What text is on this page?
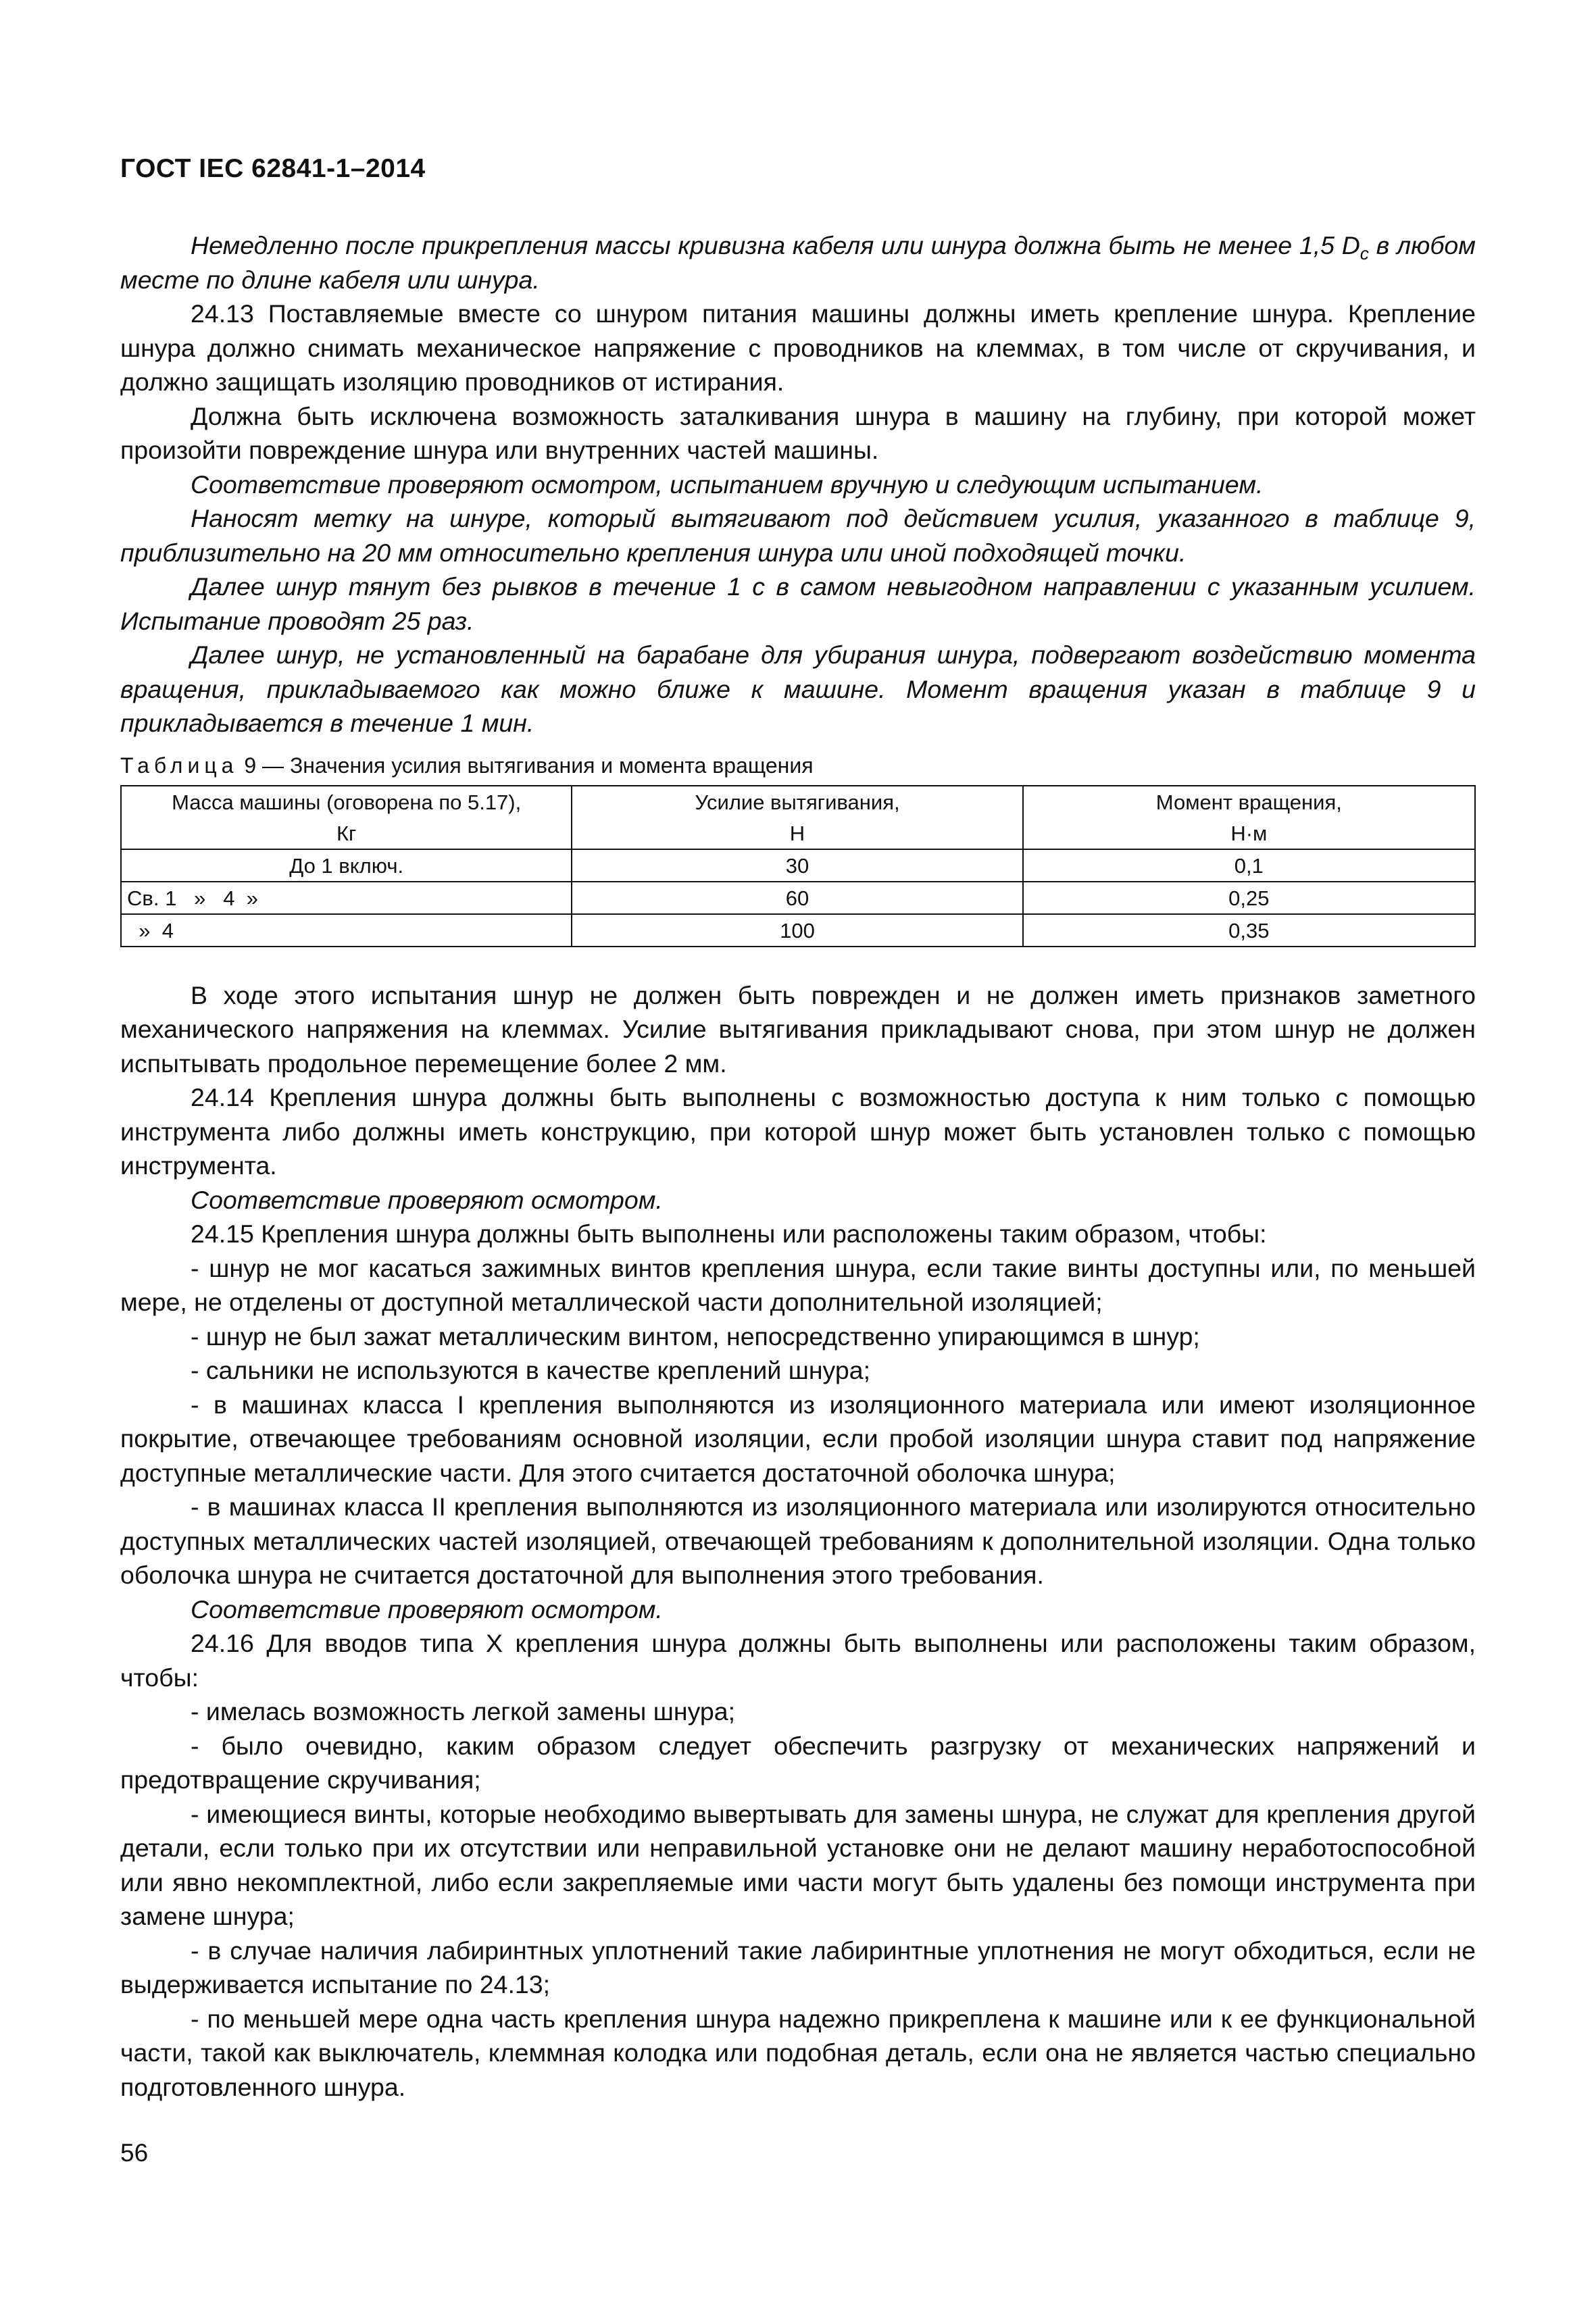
ГОСТ IEC 62841-1–2014

Немедленно после прикрепления массы кривизна кабеля или шнура должна быть не менее 1,5 $D_c$ в любом месте по длине кабеля или шнура.

24.13 Поставляемые вместе со шнуром питания машины должны иметь крепление шнура. Крепление шнура должно снимать механическое напряжение с проводников на клеммах, в том числе от скручивания, и должно защищать изоляцию проводников от истирания.

Должна быть исключена возможность заталкивания шнура в машину на глубину, при которой может произойти повреждение шнура или внутренних частей машины.

Соответствие проверяют осмотром, испытанием вручную и следующим испытанием.

Наносят метку на шнуре, который вытягивают под действием усилия, указанного в таблице 9, приблизительно на 20 мм относительно крепления шнура или иной подходящей точки.

Далее шнур тянут без рывков в течение 1 с в самом невыгодном направлении с указанным усилием. Испытание проводят 25 раз.

Далее шнур, не установленный на барабане для убирания шнура, подвергают воздействию момента вращения, прикладываемого как можно ближе к машине. Момент вращения указан в таблице 9 и прикладывается в течение 1 мин.

Таблица 9 — Значения усилия вытягивания и момента вращения
Масса машины (оговорена по 5.17),	Усилие вытягивания,	Момент вращения,
Кг	Н	Н·м
До 1 включ.	30	0,1
Св. 1   »   4  »	60	0,25
»  4	100	0,35

В ходе этого испытания шнур не должен быть поврежден и не должен иметь признаков заметного механического напряжения на клеммах. Усилие вытягивания прикладывают снова, при этом шнур не должен испытывать продольное перемещение более 2 мм.

24.14 Крепления шнура должны быть выполнены с возможностью доступа к ним только с помощью инструмента либо должны иметь конструкцию, при которой шнур может быть установлен только с помощью инструмента.

Соответствие проверяют осмотром.

24.15 Крепления шнура должны быть выполнены или расположены таким образом, чтобы:

- шнур не мог касаться зажимных винтов крепления шнура, если такие винты доступны или, по меньшей мере, не отделены от доступной металлической части дополнительной изоляцией;

- шнур не был зажат металлическим винтом, непосредственно упирающимся в шнур;

- сальники не используются в качестве креплений шнура;

- в машинах класса I крепления выполняются из изоляционного материала или имеют изоляционное покрытие, отвечающее требованиям основной изоляции, если пробой изоляции шнура ставит под напряжение доступные металлические части. Для этого считается достаточной оболочка шнура;

- в машинах класса II крепления выполняются из изоляционного материала или изолируются относительно доступных металлических частей изоляцией, отвечающей требованиям к дополнительной изоляции. Одна только оболочка шнура не считается достаточной для выполнения этого требования.

Соответствие проверяют осмотром.

24.16 Для вводов типа X крепления шнура должны быть выполнены или расположены таким образом, чтобы:

- имелась возможность легкой замены шнура;

- было очевидно, каким образом следует обеспечить разгрузку от механических напряжений и предотвращение скручивания;

- имеющиеся винты, которые необходимо вывертывать для замены шнура, не служат для крепления другой детали, если только при их отсутствии или неправильной установке они не делают машину неработоспособной или явно некомплектной, либо если закрепляемые ими части могут быть удалены без помощи инструмента при замене шнура;

- в случае наличия лабиринтных уплотнений такие лабиринтные уплотнения не могут обходиться, если не выдерживается испытание по 24.13;

- по меньшей мере одна часть крепления шнура надежно прикреплена к машине или к ее функциональной части, такой как выключатель, клеммная колодка или подобная деталь, если она не является частью специально подготовленного шнура.

56
